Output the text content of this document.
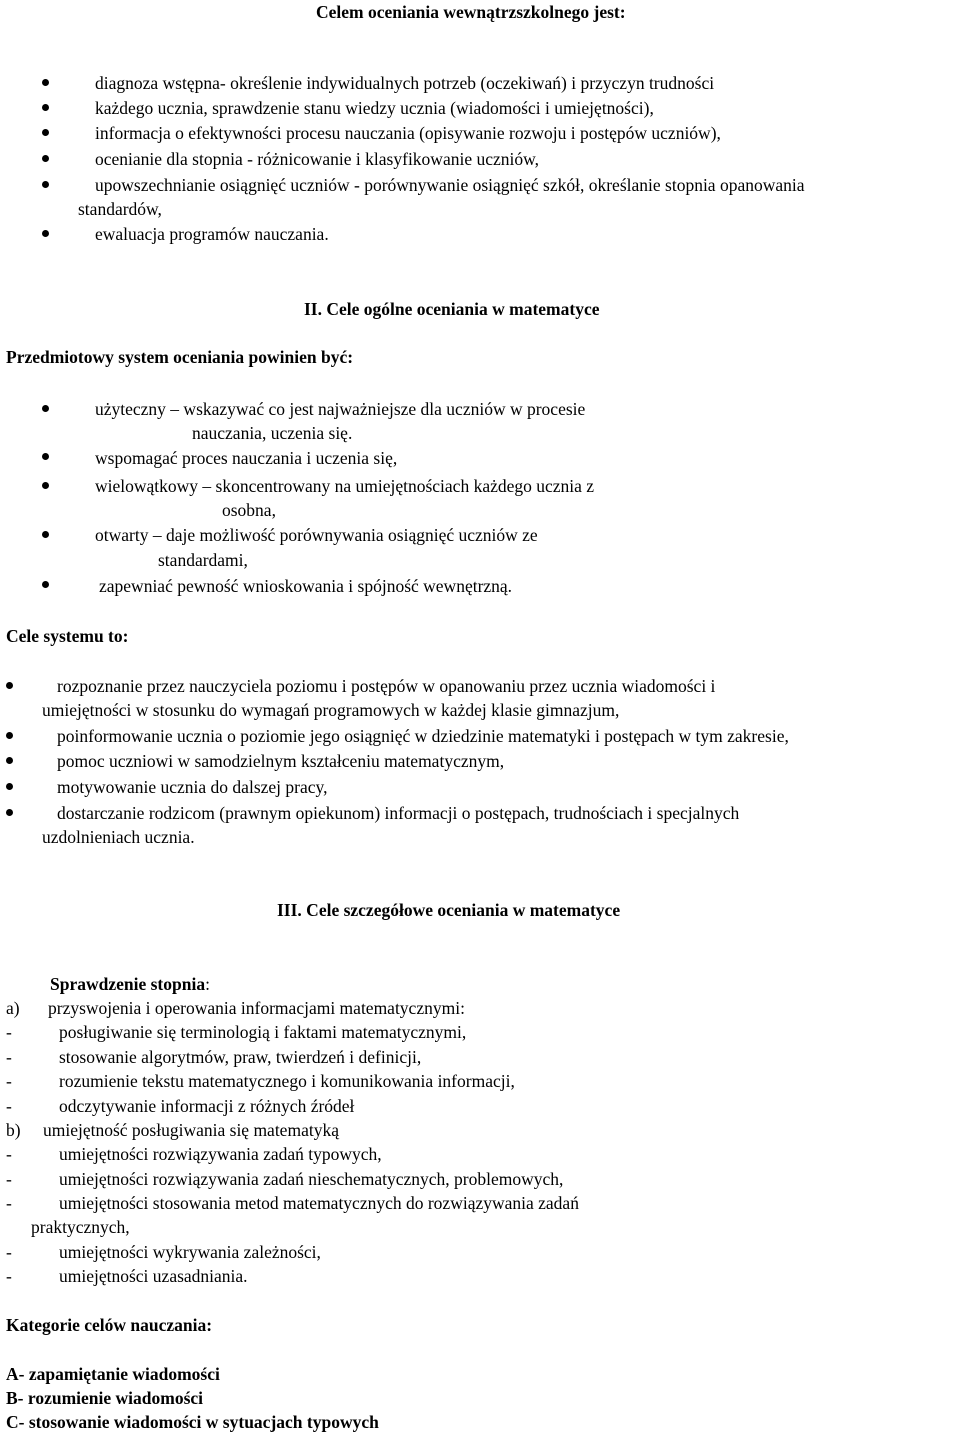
Celem oceniania wewnątrzszkolnego jest:
diagnoza wstępna- określenie indywidualnych potrzeb (oczekiwań) i przyczyn trudności
każdego ucznia, sprawdzenie stanu wiedzy ucznia (wiadomości i umiejętności),
informacja o efektywności procesu nauczania (opisywanie rozwoju i postępów uczniów),
ocenianie dla stopnia - różnicowanie i klasyfikowanie uczniów,
upowszechnianie osiągnięć uczniów - porównywanie osiągnięć szkół, określanie stopnia opanowania
standardów,
ewaluacja programów nauczania.
II. Cele ogólne oceniania w matematyce
Przedmiotowy system oceniania powinien być:
użyteczny – wskazywać co jest najważniejsze dla uczniów w procesie
nauczania, uczenia się.
wspomagać proces nauczania i uczenia się,
wielowątkowy – skoncentrowany na umiejętnościach każdego ucznia z
osobna,
otwarty – daje możliwość porównywania osiągnięć uczniów ze
standardami,
zapewniać pewność wnioskowania i spójność wewnętrzną.
Cele systemu to:
rozpoznanie przez nauczyciela poziomu i postępów w opanowaniu przez ucznia wiadomości i
umiejętności w stosunku do wymagań programowych w każdej klasie gimnazjum,
poinformowanie ucznia o poziomie jego osiągnięć w dziedzinie matematyki i postępach w tym zakresie,
pomoc uczniowi w samodzielnym kształceniu matematycznym,
motywowanie ucznia do dalszej pracy,
dostarczanie rodzicom (prawnym opiekunom) informacji o postępach, trudnościach i specjalnych
uzdolnieniach ucznia.
III. Cele szczegółowe oceniania w matematyce
Sprawdzenie stopnia:
a) przyswojenia i operowania informacjami matematycznymi:
-	posługiwanie się terminologią i faktami matematycznymi,
-	stosowanie algorytmów, praw, twierdzeń i definicji,
-	rozumienie tekstu matematycznego i komunikowania informacji,
-	odczytywanie informacji z różnych źródeł
b) umiejętność posługiwania się matematyką
-	umiejętności rozwiązywania zadań typowych,
-	umiejętności rozwiązywania zadań nieschematycznych, problemowych,
-	umiejętności stosowania metod matematycznych do rozwiązywania zadań
praktycznych,
-	umiejętności wykrywania zależności,
-	umiejętności uzasadniania.
Kategorie celów nauczania:
A- zapamiętanie wiadomości
B- rozumienie wiadomości
C- stosowanie wiadomości w sytuacjach typowych
